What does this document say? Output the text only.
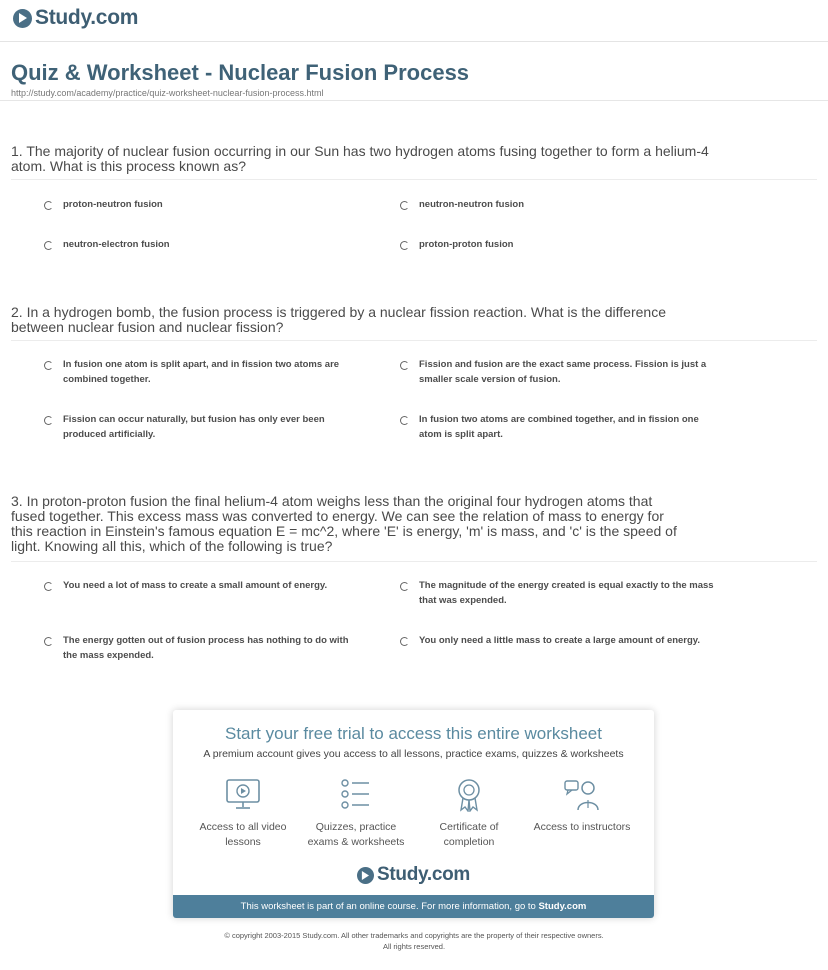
Study.com
Quiz & Worksheet - Nuclear Fusion Process
http://study.com/academy/practice/quiz-worksheet-nuclear-fusion-process.html
1. The majority of nuclear fusion occurring in our Sun has two hydrogen atoms fusing together to form a helium-4 atom. What is this process known as?
proton-neutron fusion	neutron-neutron fusion
neutron-electron fusion	proton-proton fusion
2. In a hydrogen bomb, the fusion process is triggered by a nuclear fission reaction. What is the difference between nuclear fusion and nuclear fission?
In fusion one atom is split apart, and in fission two atoms are combined together.
Fission and fusion are the exact same process. Fission is just a smaller scale version of fusion.
Fission can occur naturally, but fusion has only ever been produced artificially.
In fusion two atoms are combined together, and in fission one atom is split apart.
3. In proton-proton fusion the final helium-4 atom weighs less than the original four hydrogen atoms that fused together. This excess mass was converted to energy. We can see the relation of mass to energy for this reaction in Einstein's famous equation E = mc^2, where 'E' is energy, 'm' is mass, and 'c' is the speed of light. Knowing all this, which of the following is true?
You need a lot of mass to create a small amount of energy.	The magnitude of the energy created is equal exactly to the mass that was expended.
The energy gotten out of fusion process has nothing to do with the mass expended.
You only need a little mass to create a large amount of energy.
Start your free trial to access this entire worksheet
A premium account gives you access to all lessons, practice exams, quizzes & worksheets
Access to all video lessons
Quizzes, practice exams & worksheets
Certificate of completion
Access to instructors
Study.com
This worksheet is part of an online course. For more information, go to Study.com
© copyright 2003-2015 Study.com. All other trademarks and copyrights are the property of their respective owners.
All rights reserved.
